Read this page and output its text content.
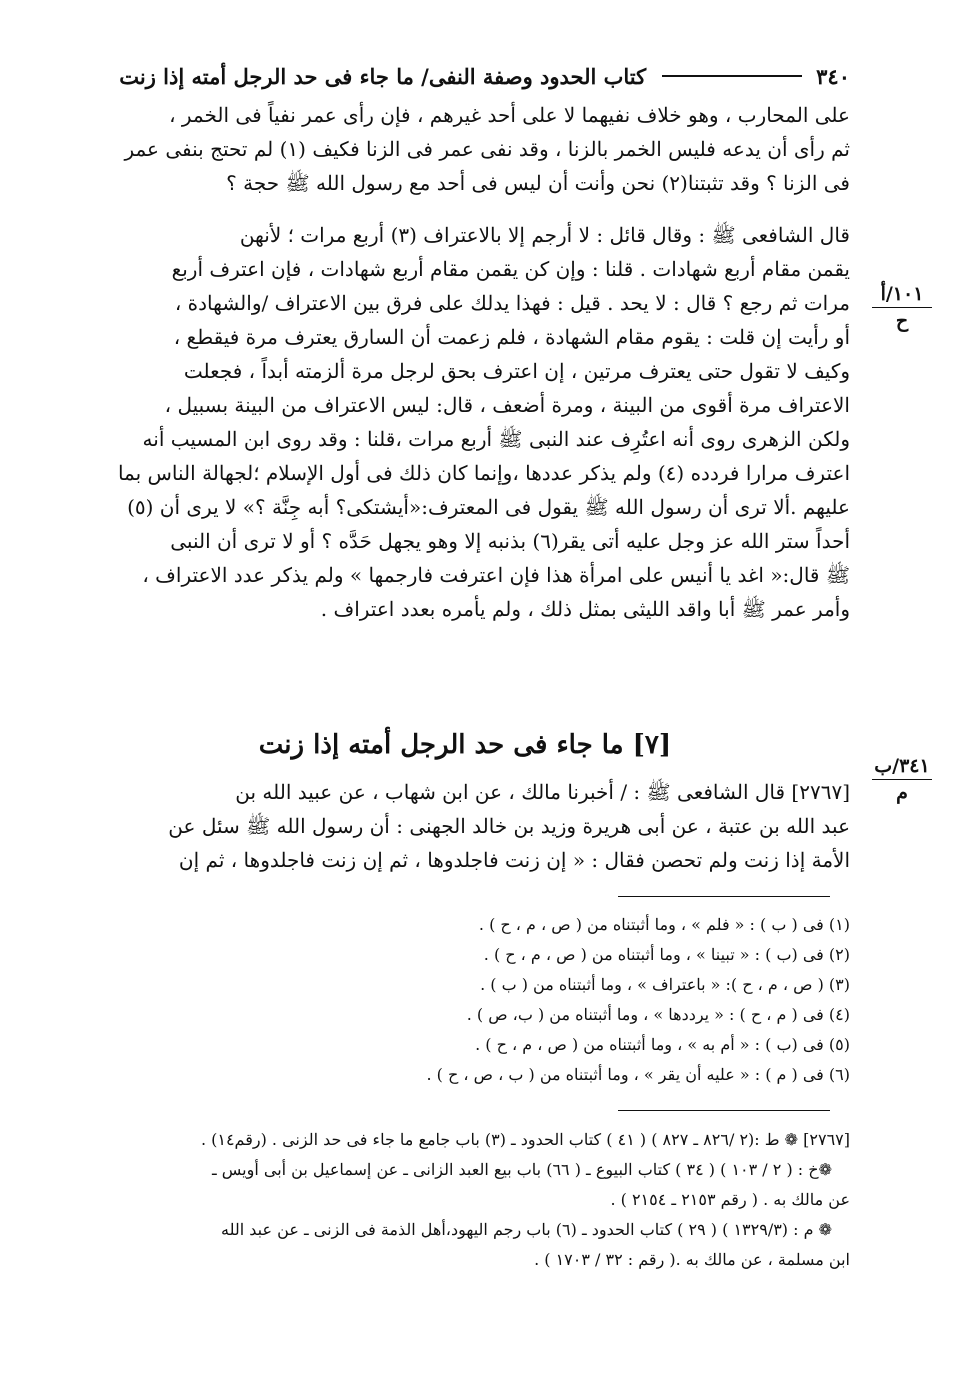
٣٤٠
كتاب الحدود وصفة النفى/ ما جاء فى حد الرجل أمته إذا زنت
على المحارب ، وهو خلاف نفيهما لا على أحد غيرهم ، فإن رأى عمر نفياً فى الخمر ،
ثم رأى أن يدعه فليس الخمر بالزنا ، وقد نفى عمر فى الزنا فكيف (١) لم تحتج بنفى عمر
فى الزنا ؟ وقد تثبتنا(٢) نحن وأنت أن ليس فى أحد مع رسول الله ﷺ حجة ؟
قال الشافعى ﷺ : وقال قائل : لا أرجم إلا بالاعتراف (٣) أربع مرات ؛ لأنهن
يقمن مقام أربع شهادات . قلنا : وإن كن يقمن مقام أربع شهادات ، فإن اعترف أربع
مرات ثم رجع ؟ قال : لا يحد . قيل : فهذا يدلك على فرق بين الاعتراف /والشهادة ،
أو رأيت إن قلت : يقوم مقام الشهادة ، فلم زعمت أن السارق يعترف مرة فيقطع ،
وكيف لا تقول حتى يعترف مرتين ، إن اعترف بحق لرجل مرة ألزمته أبداً ، فجعلت
الاعتراف مرة أقوى من البينة ، ومرة أضعف ، قال: ليس الاعتراف من البينة بسبيل ،
ولكن الزهرى روى أنه اعتُرِف عند النبى ﷺ أربع مرات ،قلنا : وقد روى ابن المسيب أنه
اعترف مرارا فردده (٤) ولم يذكر عددها ،وإنما كان ذلك فى أول الإسلام ؛لجهالة الناس بما
عليهم .ألا ترى أن رسول الله ﷺ يقول فى المعترف:«أيشتكى؟ أبه جِنَّة ؟» لا يرى أن (٥)
أحداً ستر الله عز وجل عليه أتى يقر(٦) بذنبه إلا وهو يجهل حَدَّه ؟ أو لا ترى أن النبى
ﷺ قال:« اغد يا أنيس على امرأة هذا فإن اعترفت فارجمها » ولم يذكر عدد الاعتراف ،
وأمر عمر ﷺ أبا واقد الليثى بمثل ذلك ، ولم يأمره بعدد اعتراف .
١٠١/أ
ح
[٧] ما جاء فى حد الرجل أمته إذا زنت
٣٤١/ب
م
[٢٧٦٧] قال الشافعى ﷺ : / أخبرنا مالك ، عن ابن شهاب ، عن عبيد الله بن
عبد الله بن عتبة ، عن أبى هريرة وزيد بن خالد الجهنى : أن رسول الله ﷺ سئل عن
الأمة إذا زنت ولم تحصن فقال : « إن زنت فاجلدوها ، ثم إن زنت فاجلدوها ، ثم إن
(١) فى ( ب ) : « فلم » ، وما أثبتناه من ( ص ، م ، ح ) .
(٢) فى (ب ) : « تبينا » ، وما أثبتناه من ( ص ، م ، ح ) .
(٣) ( ص ، م ، ح ): « باعتراف » ، وما أثبتناه من ( ب ) .
(٤) فى ( م ، ح ) : « يرددها » ، وما أثبتناه من ( ب، ص ) .
(٥) فى (ب ) : « أم به » ، وما أثبتناه من ( ص ، م ، ح ) .
(٦) فى ( م ) : « عليه أن يقر » ، وما أثبتناه من ( ب ، ص ، ح ) .
[٢٧٦٧] ❁ ط :(٢ /٨٢٦ ـ ٨٢٧ ) ( ٤١ ) كتاب الحدود ـ (٣) باب جامع ما جاء فى حد الزنى . (رقم١٤) .
❁خ : ( ٢ / ١٠٣ ) ( ٣٤ ) كتاب البيوع ـ ( ٦٦) باب بيع العبد الزانى ـ عن إسماعيل بن أبى أويس ـ
عن مالك به . ( رقم ٢١٥٣ ـ ٢١٥٤ ) .
❁ م : (١٣٢٩/٣ ) ( ٢٩ ) كتاب الحدود ـ (٦) باب رجم اليهود،أهل الذمة فى الزنى ـ عن عبد الله
ابن مسلمة ، عن مالك به .( رقم : ٣٢ / ١٧٠٣ ) .
